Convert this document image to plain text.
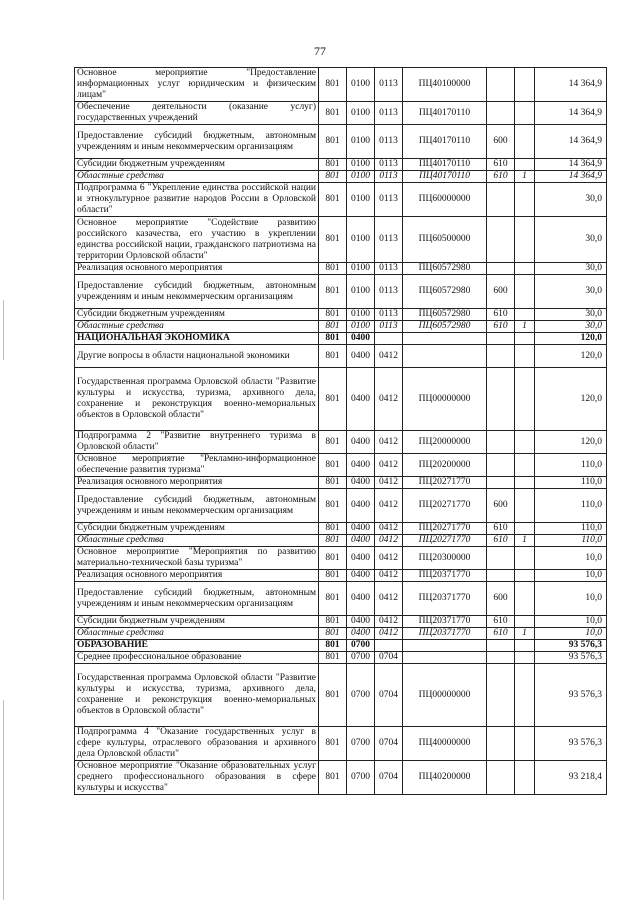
77
Основное мероприятие "Предоставление информационных услуг юридическим и физическим лицам"	801	0100	0113	ПЦ40100000			14 364,9
Обеспечение деятельности (оказание услуг) государственных учреждений	801	0100	0113	ПЦ40170110			14 364,9
Предоставление субсидий бюджетным, автономным учреждениям и иным некоммерческим организациям	801	0100	0113	ПЦ40170110	600		14 364,9
Субсидии бюджетным учреждениям	801	0100	0113	ПЦ40170110	610		14 364,9
Областные средства	801	0100	0113	ПЦ40170110	610	1	14 364,9
Подпрограмма 6 "Укрепление единства российской нации и этнокультурное развитие народов России в Орловской области"	801	0100	0113	ПЦ60000000			30,0
Основное мероприятие "Содействие развитию российского казачества, его участию в укреплении единства российской нации, гражданского патриотизма на территории Орловской области"	801	0100	0113	ПЦ60500000			30,0
Реализация основного мероприятия	801	0100	0113	ПЦ60572980			30,0
Предоставление субсидий бюджетным, автономным учреждениям и иным некоммерческим организациям	801	0100	0113	ПЦ60572980	600		30,0
Субсидии бюджетным учреждениям	801	0100	0113	ПЦ60572980	610		30,0
Областные средства	801	0100	0113	ПЦ60572980	610	1	30,0
НАЦИОНАЛЬНАЯ ЭКОНОМИКА	801	0400					120,0
Другие вопросы в области национальной экономики	801	0400	0412				120,0
Государственная программа Орловской области "Развитие культуры и искусства, туризма, архивного дела, сохранение и реконструкция военно-мемориальных объектов в Орловской области"	801	0400	0412	ПЦ00000000			120,0
Подпрограмма 2 "Развитие внутреннего туризма в Орловской области"	801	0400	0412	ПЦ20000000			120,0
Основное мероприятие "Рекламно-информационное обеспечение развития туризма"	801	0400	0412	ПЦ20200000			110,0
Реализация основного мероприятия	801	0400	0412	ПЦ20271770			110,0
Предоставление субсидий бюджетным, автономным учреждениям и иным некоммерческим организациям	801	0400	0412	ПЦ20271770	600		110,0
Субсидии бюджетным учреждениям	801	0400	0412	ПЦ20271770	610		110,0
Областные средства	801	0400	0412	ПЦ20271770	610	1	110,0
Основное мероприятие "Мероприятия по развитию материально-технической базы туризма"	801	0400	0412	ПЦ20300000			10,0
Реализация основного мероприятия	801	0400	0412	ПЦ20371770			10,0
Предоставление субсидий бюджетным, автономным учреждениям и иным некоммерческим организациям	801	0400	0412	ПЦ20371770	600		10,0
Субсидии бюджетным учреждениям	801	0400	0412	ПЦ20371770	610		10,0
Областные средства	801	0400	0412	ПЦ20371770	610	1	10,0
ОБРАЗОВАНИЕ	801	0700					93 576,3
Среднее профессиональное образование	801	0700	0704				93 576,3
Государственная программа Орловской области "Развитие культуры и искусства, туризма, архивного дела, сохранение и реконструкция военно-мемориальных объектов в Орловской области"	801	0700	0704	ПЦ00000000			93 576,3
Подпрограмма 4 "Оказание государственных услуг в сфере культуры, отраслевого образования и архивного дела Орловской области"	801	0700	0704	ПЦ40000000			93 576,3
Основное мероприятие "Оказание образовательных услуг среднего профессионального образования в сфере культуры и искусства"	801	0700	0704	ПЦ40200000			93 218,4
